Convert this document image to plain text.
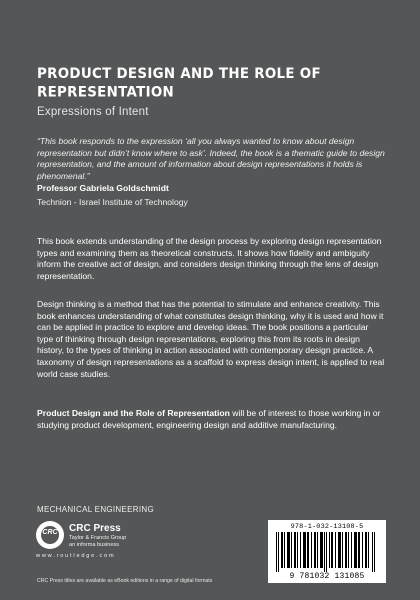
PRODUCT DESIGN AND THE ROLE OF REPRESENTATION
Expressions of Intent
“This book responds to the expression ‘all you always wanted to know about design representation but didn’t know where to ask’. Indeed, the book is a thematic guide to design representation, and the amount of information about design representations it holds is phenomenal.”
Professor Gabriela Goldschmidt
Technion - Israel Institute of Technology
This book extends understanding of the design process by exploring design representation types and examining them as theoretical constructs. It shows how fidelity and ambiguity inform the creative act of design, and considers design thinking through the lens of design representation.
Design thinking is a method that has the potential to stimulate and enhance creativity. This book enhances understanding of what constitutes design thinking, why it is used and how it can be applied in practice to explore and develop ideas. The book positions a particular type of thinking through design representations, exploring this from its roots in design history, to the types of thinking in action associated with contemporary design practice. A taxonomy of design representations as a scaffold to express design intent, is applied to real world case studies.
Product Design and the Role of Representation will be of interest to those working in or studying product development, engineering design and additive manufacturing.
MECHANICAL ENGINEERING
CRC CRC Press
Taylor & Francis Group
an informa business
www.routledge.com
CRC Press titles are available as eBook editions in a range of digital formats
978-1-032-13108-5
9 781032 131085
